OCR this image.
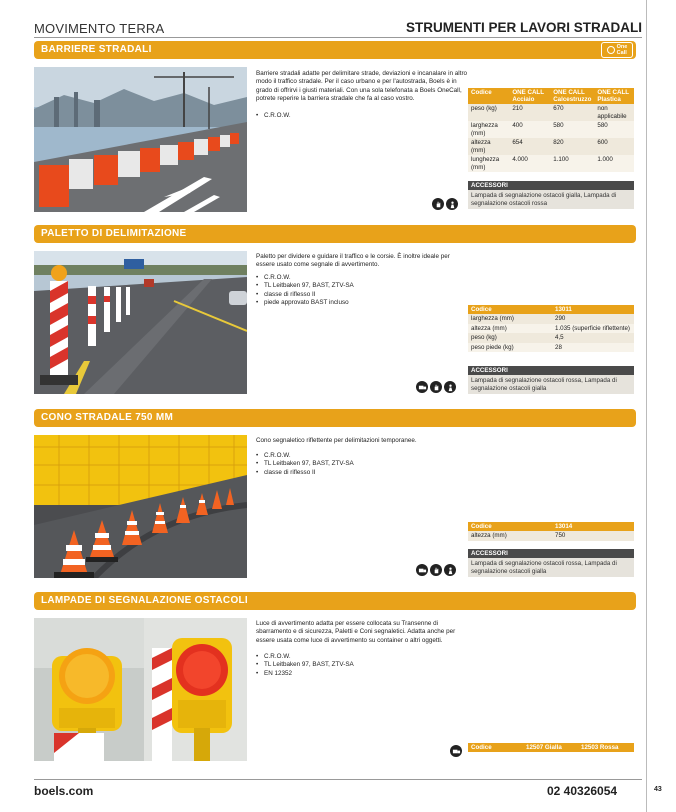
MOVIMENTO TERRA	STRUMENTI PER LAVORI STRADALI
BARRIERE STRADALI	One
Call
Barriere stradali adatte per delimitare strade, deviazioni e incanalare in altro modo il traffico stradale. Per il caso urbano e per l'autostrada, Boels è in grado di offrirvi i giusti materiali. Con una sola telefonata a Boels OneCall, potrete reperire la barriera stradale che fa al caso vostro.
• C.R.O.W.
Codice	ONE CALL Acciaio	ONE CALL Calcestruzzo	ONE CALL Plastica
peso (kg)	210	670	non applicabile
larghezza (mm)	400	580	580
altezza (mm)	654	820	600
lunghezza (mm)	4.000	1.100	1.000
ACCESSORI
Lampada di segnalazione ostacoli gialla, Lampada di segnalazione ostacoli rossa
PALETTO DI DELIMITAZIONE
Paletto per dividere e guidare il traffico e le corsie. È inoltre ideale per essere usato come segnale di avvertimento.
• C.R.O.W.
• TL Leitbaken 97, BAST, ZTV-SA
• classe di riflesso II
• piede approvato BAST incluso
Codice	13011
larghezza (mm)	290
altezza (mm)	1.035 (superficie riflettente)
peso (kg)	4,5
peso piede (kg)	28
ACCESSORI
Lampada di segnalazione ostacoli rossa, Lampada di segnalazione ostacoli gialla
CONO STRADALE 750 MM
Cono segnaletico riflettente per delimitazioni temporanee.
• C.R.O.W.
• TL Leitbaken 97, BAST, ZTV-SA
• classe di riflesso II
Codice	13014
altezza (mm)	750
ACCESSORI
Lampada di segnalazione ostacoli rossa, Lampada di segnalazione ostacoli gialla
LAMPADE DI SEGNALAZIONE OSTACOLI
Luce di avvertimento adatta per essere collocata su Transenne di sbarramento e di sicurezza, Paletti e Coni segnaletici. Adatta anche per essere usata come luce di avvertimento su container o altri oggetti.
• C.R.O.W.
• TL Leitbaken 97, BAST, ZTV-SA
• EN 12352
Codice	12507 Gialla	12503 Rossa
boels.com	02 40326054	43
